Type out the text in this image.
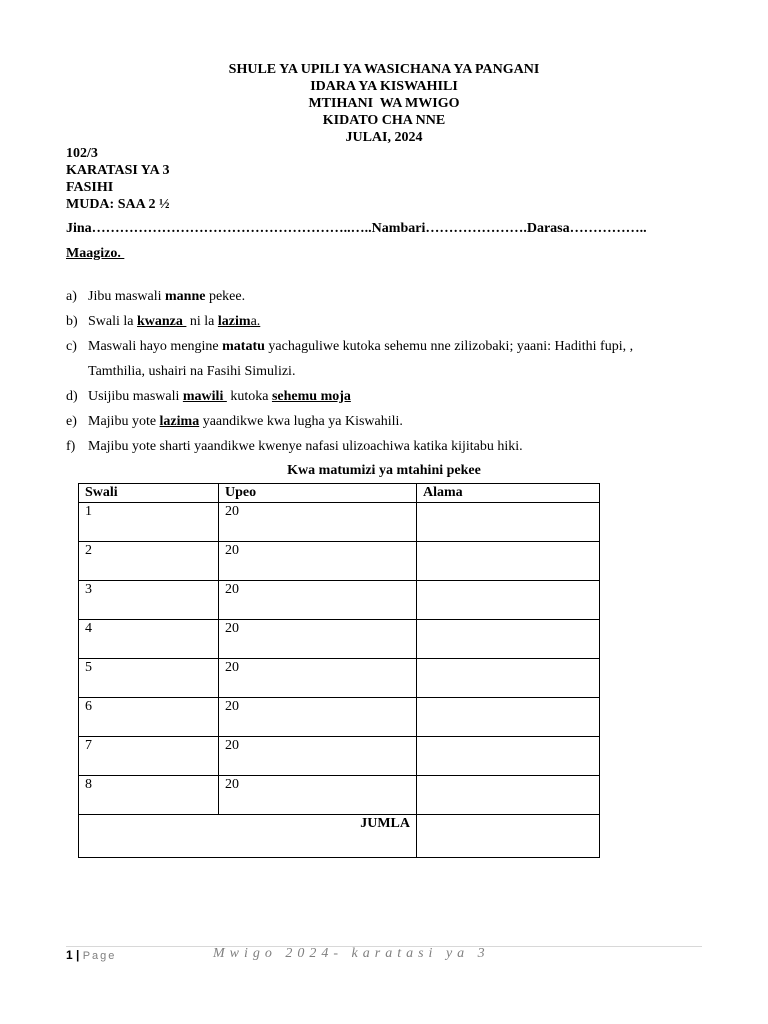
SHULE YA UPILI YA WASICHANA YA PANGANI
IDARA YA KISWAHILI
MTIHANI  WA MWIGO
KIDATO CHA NNE
JULAI, 2024
102/3
KARATASI YA 3
FASIHI
MUDA: SAA 2 ½
Jina………………………………………………..…..Nambari………………….Darasa……………..
Maagizo.
a) Jibu maswali manne pekee.
b) Swali la kwanza  ni la lazima.
c) Maswali hayo mengine matatu yachaguliwe kutoka sehemu nne zilizobaki; yaani: Hadithi fupi, ,
Tamthilia, ushairi na Fasihi Simulizi.
d) Usijibu maswali mawili  kutoka sehemu moja
e) Majibu yote lazima yaandikwe kwa lugha ya Kiswahili.
f) Majibu yote sharti yaandikwe kwenye nafasi ulizoachiwa katika kijitabu hiki.
Kwa matumizi ya mtahini pekee
Swali	Upeo	Alama
1	20	
2	20	
3	20	
4	20	
5	20	
6	20	
7	20	
8	20	
JUMLA		
1 | Page	Mwigo 2024- karatasi ya 3
